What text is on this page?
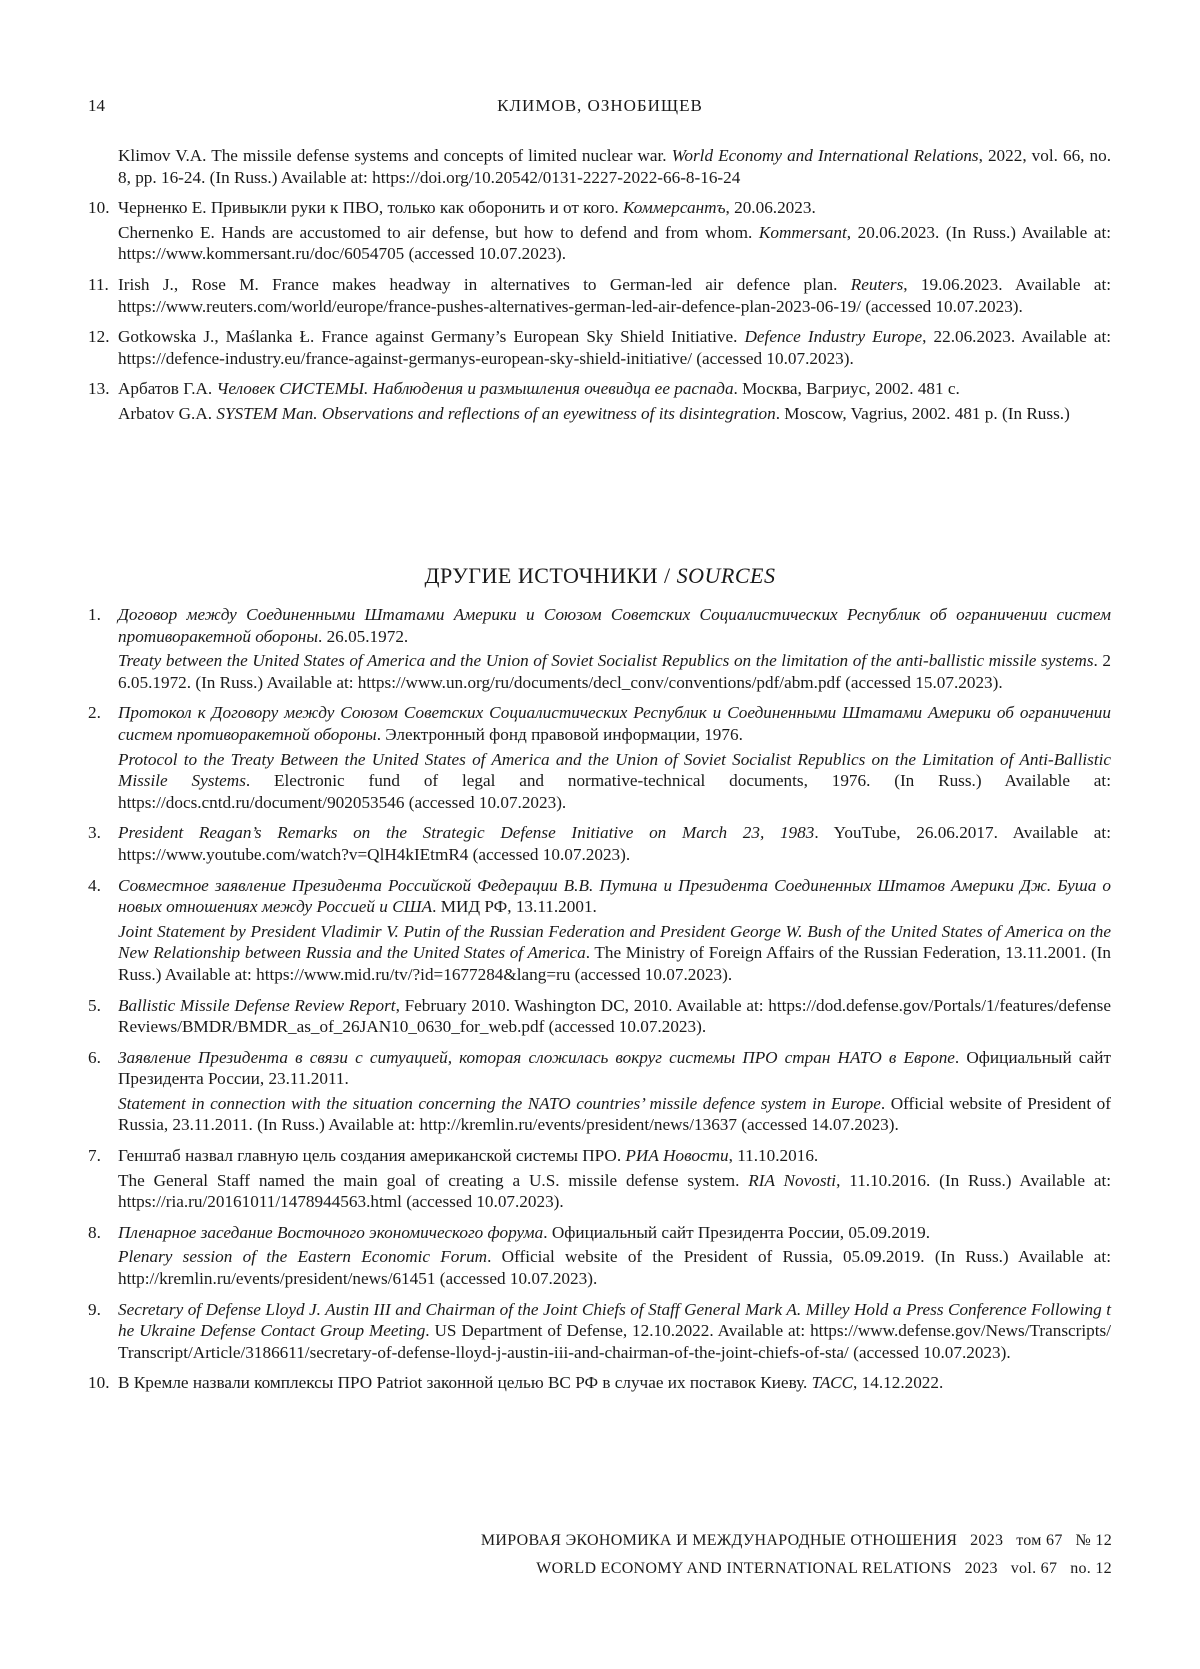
КЛИМОВ, ОЗНОБИЩЕВ
14
Klimov V.A. The missile defense systems and concepts of limited nuclear war. World Economy and International Relations, 2022, vol. 66, no. 8, pp. 16-24. (In Russ.) Available at: https://doi.org/10.20542/0131-2227-2022-66-8-16-24
10. Черненко Е. Привыкли руки к ПВО, только как оборонить и от кого. Коммерсантъ, 20.06.2023.
Chernenko E. Hands are accustomed to air defense, but how to defend and from whom. Kommersant, 20.06.2023. (In Russ.) Available at: https://www.kommersant.ru/doc/6054705 (accessed 10.07.2023).
11. Irish J., Rose M. France makes headway in alternatives to German-led air defence plan. Reuters, 19.06.2023. Available at: https://www.reuters.com/world/europe/france-pushes-alternatives-german-led-air-defence-plan-2023-06-19/ (accessed 10.07.2023).
12. Gotkowska J., Maślanka Ł. France against Germany’s European Sky Shield Initiative. Defence Industry Europe, 22.06.2023. Available at: https://defence-industry.eu/france-against-germanys-european-sky-shield-initiative/ (accessed 10.07.2023).
13. Арбатов Г.А. Человек СИСТЕМЫ. Наблюдения и размышления очевидца ее распада. Москва, Вагриус, 2002. 481 с.
Arbatov G.A. SYSTEM Man. Observations and reflections of an eyewitness of its disintegration. Moscow, Vagrius, 2002. 481 p. (In Russ.)
ДРУГИЕ ИСТОЧНИКИ / SOURCES
1. Договор между Соединенными Штатами Америки и Союзом Советских Социалистических Республик об ограничении систем противоракетной обороны. 26.05.1972.
Treaty between the United States of America and the Union of Soviet Socialist Republics on the limitation of the anti-ballistic missile systems. 26.05.1972. (In Russ.) Available at: https://www.un.org/ru/documents/decl_conv/conventions/pdf/abm.pdf (accessed 15.07.2023).
2. Протокол к Договору между Союзом Советских Социалистических Республик и Соединенными Штатами Америки об ограничении систем противоракетной обороны. Электронный фонд правовой информации, 1976.
Protocol to the Treaty Between the United States of America and the Union of Soviet Socialist Republics on the Limitation of Anti-Ballistic Missile Systems. Electronic fund of legal and normative-technical documents, 1976. (In Russ.) Available at: https://docs.cntd.ru/document/902053546 (accessed 10.07.2023).
3. President Reagan’s Remarks on the Strategic Defense Initiative on March 23, 1983. YouTube, 26.06.2017. Available at: https://www.youtube.com/watch?v=QlH4kIEtmR4 (accessed 10.07.2023).
4. Совместное заявление Президента Российской Федерации В.В. Путина и Президента Соединенных Штатов Америки Дж. Буша о новых отношениях между Россией и США. МИД РФ, 13.11.2001.
Joint Statement by President Vladimir V. Putin of the Russian Federation and President George W. Bush of the United States of America on the New Relationship between Russia and the United States of America. The Ministry of Foreign Affairs of the Russian Federation, 13.11.2001. (In Russ.) Available at: https://www.mid.ru/tv/?id=1677284&lang=ru (accessed 10.07.2023).
5. Ballistic Missile Defense Review Report, February 2010. Washington DC, 2010. Available at: https://dod.defense.gov/Portals/1/features/defenseReviews/BMDR/BMDR_as_of_26JAN10_0630_for_web.pdf (accessed 10.07.2023).
6. Заявление Президента в связи с ситуацией, которая сложилась вокруг системы ПРО стран НАТО в Европе. Официальный сайт Президента России, 23.11.2011.
Statement in connection with the situation concerning the NATO countries’ missile defence system in Europe. Official website of President of Russia, 23.11.2011. (In Russ.) Available at: http://kremlin.ru/events/president/news/13637 (accessed 14.07.2023).
7. Генштаб назвал главную цель создания американской системы ПРО. РИА Новости, 11.10.2016.
The General Staff named the main goal of creating a U.S. missile defense system. RIA Novosti, 11.10.2016. (In Russ.) Available at: https://ria.ru/20161011/1478944563.html (accessed 10.07.2023).
8. Пленарное заседание Восточного экономического форума. Официальный сайт Президента России, 05.09.2019.
Plenary session of the Eastern Economic Forum. Official website of the President of Russia, 05.09.2019. (In Russ.) Available at: http://kremlin.ru/events/president/news/61451 (accessed 10.07.2023).
9. Secretary of Defense Lloyd J. Austin III and Chairman of the Joint Chiefs of Staff General Mark A. Milley Hold a Press Conference Following the Ukraine Defense Contact Group Meeting. US Department of Defense, 12.10.2022. Available at: https://www.defense.gov/News/Transcripts/Transcript/Article/3186611/secretary-of-defense-lloyd-j-austin-iii-and-chairman-of-the-joint-chiefs-of-sta/ (accessed 10.07.2023).
10. В Кремле назвали комплексы ПРО Patriot законной целью ВС РФ в случае их поставок Киеву. ТАСС, 14.12.2022.
МИРОВАЯ ЭКОНОМИКА И МЕЖДУНАРОДНЫЕ ОТНОШЕНИЯ 2023 том 67 № 12
WORLD ECONOMY AND INTERNATIONAL RELATIONS 2023 vol. 67 no. 12
